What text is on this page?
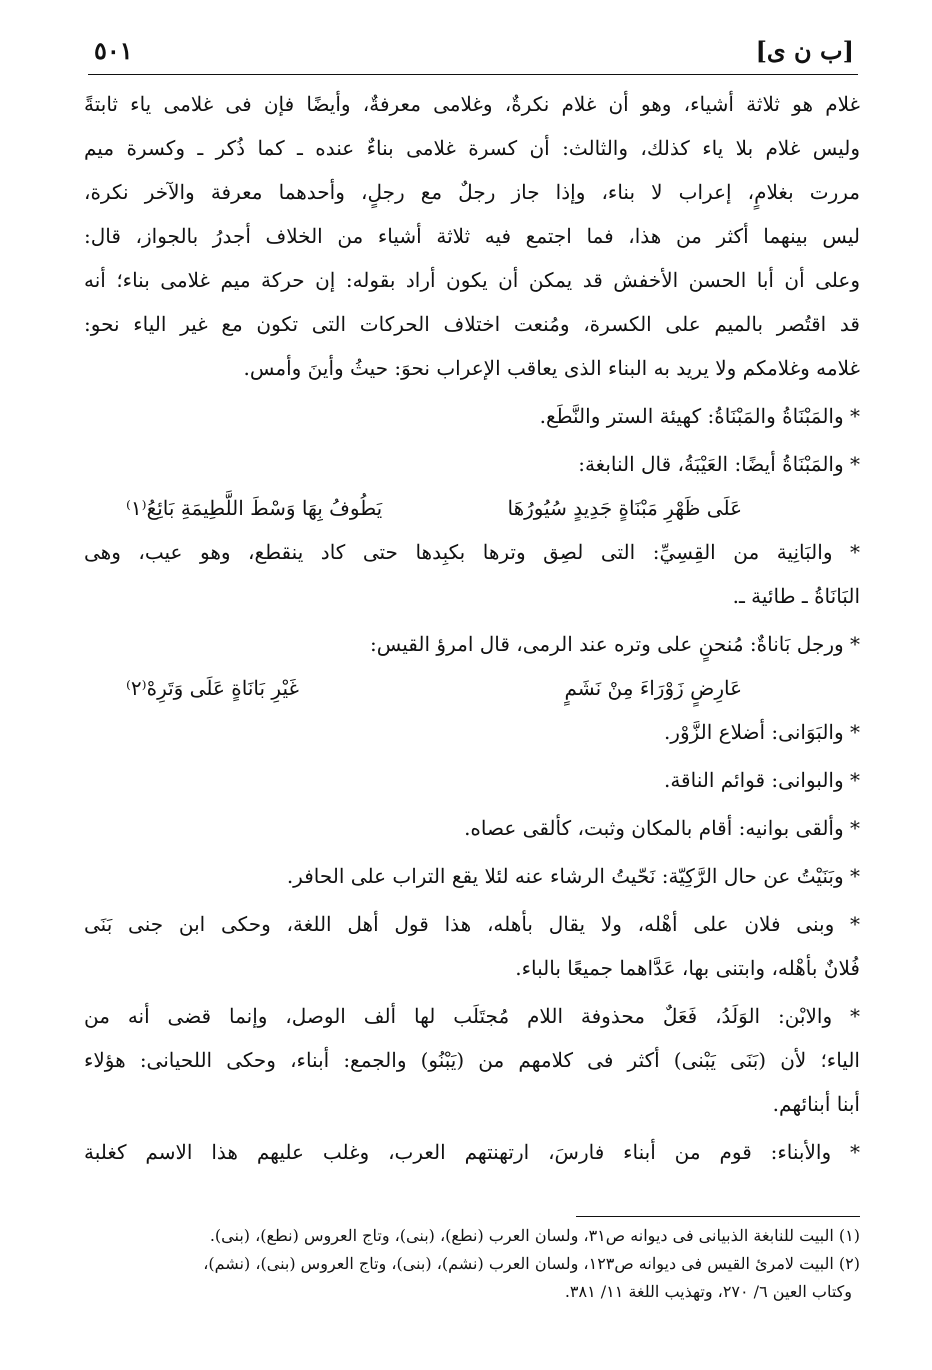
[ب ن ى]
٥٠١
غلام هو ثلاثة أشياء، وهو أن غلام نكرةٌ، وغلامى معرفةٌ، وأيضًا فإن فى غلامى ياء ثابتةً
وليس غلام بلا ياء كذلك، والثالث: أن كسرة غلامى بناءٌ عنده ـ كما ذُكر ـ وكسرة ميم
مررت بغلامٍ، إعراب لا بناء، وإذا جاز رجلٌ مع رجلٍ، وأحدهما معرفة والآخر نكرة،
ليس بينهما أكثر من هذا، فما اجتمع فيه ثلاثة أشياء من الخلاف أجدرُ بالجواز، قال:
وعلى أن أبا الحسن الأخفش قد يمكن أن يكون أراد بقوله: إن حركة ميم غلامى بناء؛ أنه
قد اقتُصر بالميم على الكسرة، ومُنعت اختلاف الحركات التى تكون مع غير الياء نحو:
غلامه وغلامكم ولا يريد به البناء الذى يعاقب الإعراب نحوَ: حيثُ وأينَ وأمس.
* والمَبْنَاةُ والمَبْنَاةُ: كهيئة الستر والنَّطَع.
* والمَبْنَاةُ أيضًا: العَيْبَةُ، قال النابغة:
عَلَى ظَهْرِ مَبْنَاةٍ جَدِيدٍ سُيُورُهَا
يَطُوفُ بِهَا وَسْطَ اللَّطِيمَةِ بَائِعُ⁽١⁾
* والبَانِية من القِسِيِّ: التى لصِق وترها بكبِدها حتى كاد ينقطع، وهو عيب، وهى
البَانَاةُ ـ طائية ـ.
* ورجل بَاناةٌ: مُنحنٍ على وتره عند الرمى، قال امرؤ القيس:
عَارِضٍ زَوْرَاءَ مِنْ نَشَمٍ
غَيْرِ بَانَاةٍ عَلَى وَتَرِهْ⁽٢⁾
* والبَوَانى: أضلاع الزَّوْر.
* والبوانى: قوائم الناقة.
* وألقى بوانيه: أقام بالمكان وثبت، كألقى عصاه.
* وبَنَيْتُ عن حال الرَّكِيّة: نَحّيتُ الرشاء عنه لئلا يقع التراب على الحافر.
* وبنى فلان على أهْله، ولا يقال بأهله، هذا قول أهل اللغة، وحكى ابن جنى بَنَى
فُلانٌ بأهْله، وابتنى بها، عَدَّاهما جميعًا بالباء.
* والابْن: الوَلَدُ، فَعَلٌ محذوفة اللام مُجتَلَب لها ألف الوصل، وإنما قضى أنه من
الياء؛ لأن (بَنَى يَبْنى) أكثر فى كلامهم من (يَبْنُو) والجمع: أبناء، وحكى اللحيانى: هؤلاء
أبنا أبنائهم.
* والأبناء: قوم من أبناء فارسَ، ارتهنتهم العرب، وغلب عليهم هذا الاسم كغلبة
(١) البيت للنابغة الذبيانى فى ديوانه ص٣١، ولسان العرب (نطع)، (بنى)، وتاج العروس (نطع)، (بنى).
(٢) البيت لامرئ القيس فى ديوانه ص١٢٣، ولسان العرب (نشم)، (بنى)، وتاج العروس (بنى)، (نشم)،
وكتاب العين ٦/ ٢٧٠، وتهذيب اللغة ١١/ ٣٨١.
